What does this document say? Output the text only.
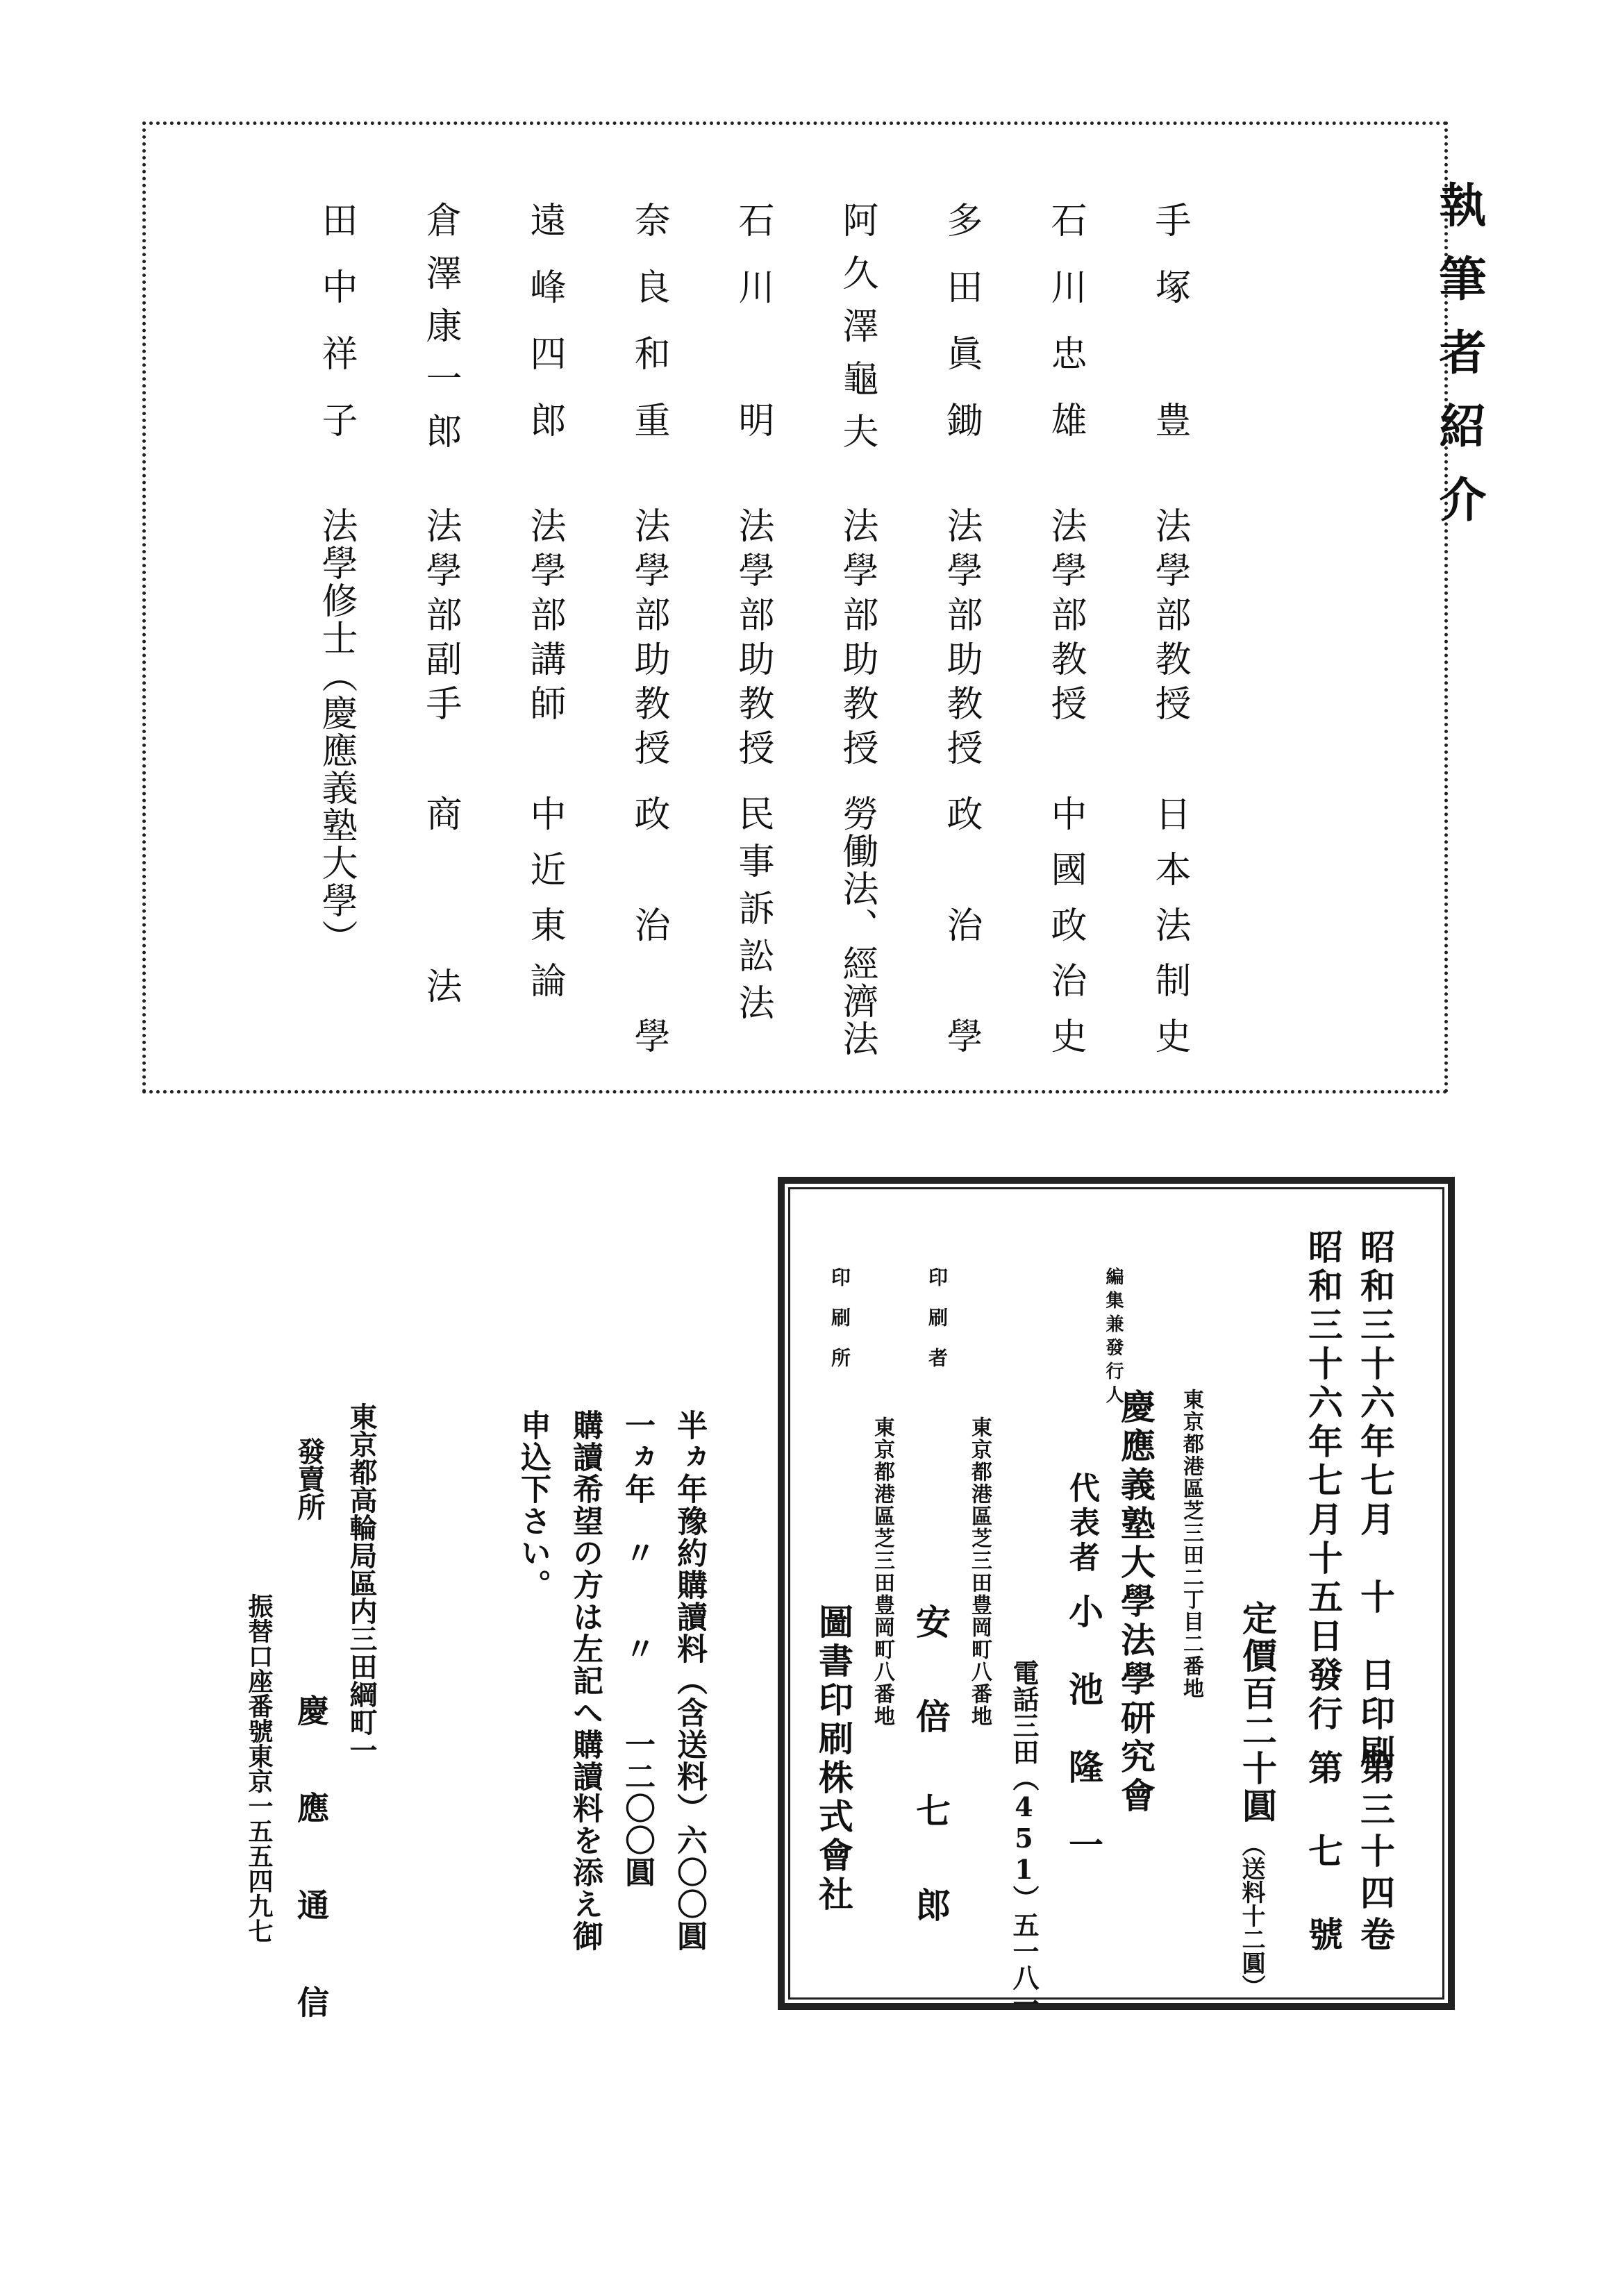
執筆者紹介
手塚　豊
法學部教授
日本法制史
石川忠雄
法學部教授
中國政治史
多田眞鋤
法學部助教授
政　治　學
阿久澤龜夫
法學部助教授
勞働法、經濟法
石川　明
法學部助教授
民事訴訟法
奈良和重
法學部助教授
政　治　學
遠峰四郎
法學部講師
中近東論
倉澤康一郎
法學部副手
商　　　法
田中祥子
法學修士（慶應義塾大學）
昭和三十六年七月　十　日印刷
第三十四卷
昭和三十六年七月十五日發行
第　七　號
定價百二十圓
（送料十二圓）
編集兼發行人
東京都港區芝三田二丁目二番地
慶應義塾大學法學研究會
代表者
小　池　隆　一
電話三田（451）五一八一
印刷者
東京都港區芝三田豊岡町八番地
安　倍　七　郎
印刷所
東京都港區芝三田豊岡町八番地
圖書印刷株式會社
半ヵ年豫約購讀料（含送料）六〇〇圓
一ヵ年　〃　　〃　　一二〇〇圓
購讀希望の方は左記へ購讀料を添え御
申込下さい。
東京都高輪局區内三田綱町一
發賣所
慶　應　通　信
振替口座番號東京一五五四九七
